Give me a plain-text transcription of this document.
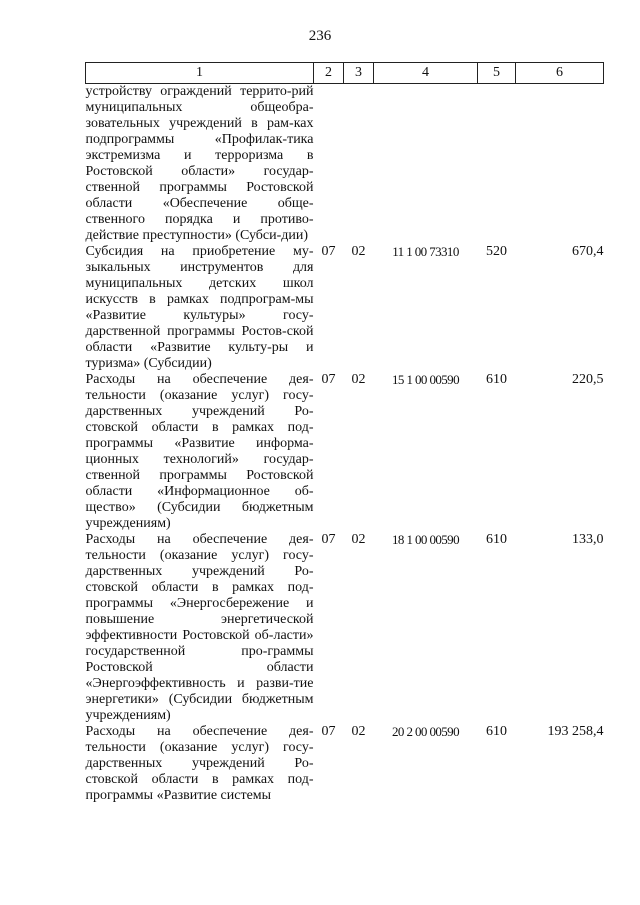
236
1	2	3	4	5	6
устройству ограждений террито-рий муниципальных общеобра-зовательных учреждений в рам-ках подпрограммы «Профилак-тика экстремизма и терроризма в Ростовской области» государ-ственной программы Ростовской области «Обеспечение обще-ственного порядка и противо-действие преступности» (Субси-дии)					
Субсидия на приобретение му-зыкальных инструментов для муниципальных детских школ искусств в рамках подпрограм-мы «Развитие культуры» госу-дарственной программы Ростов-ской области «Развитие культу-ры и туризма» (Субсидии)	07	02	11 1 00 73310	520	670,4
Расходы на обеспечение дея-тельности (оказание услуг) госу-дарственных учреждений Ро-стовской области в рамках под-программы «Развитие информа-ционных технологий» государ-ственной программы Ростовской области «Информационное об-щество» (Субсидии бюджетным учреждениям)	07	02	15 1 00 00590	610	220,5
Расходы на обеспечение дея-тельности (оказание услуг) госу-дарственных учреждений Ро-стовской области в рамках под-программы «Энергосбережение и повышение энергетической эффективности Ростовской об-ласти» государственной про-граммы Ростовской области «Энергоэффективность и разви-тие энергетики» (Субсидии бюджетным учреждениям)	07	02	18 1 00 00590	610	133,0
Расходы на обеспечение дея-тельности (оказание услуг) госу-дарственных учреждений Ро-стовской области в рамках под-программы «Развитие системы	07	02	20 2 00 00590	610	193 258,4
